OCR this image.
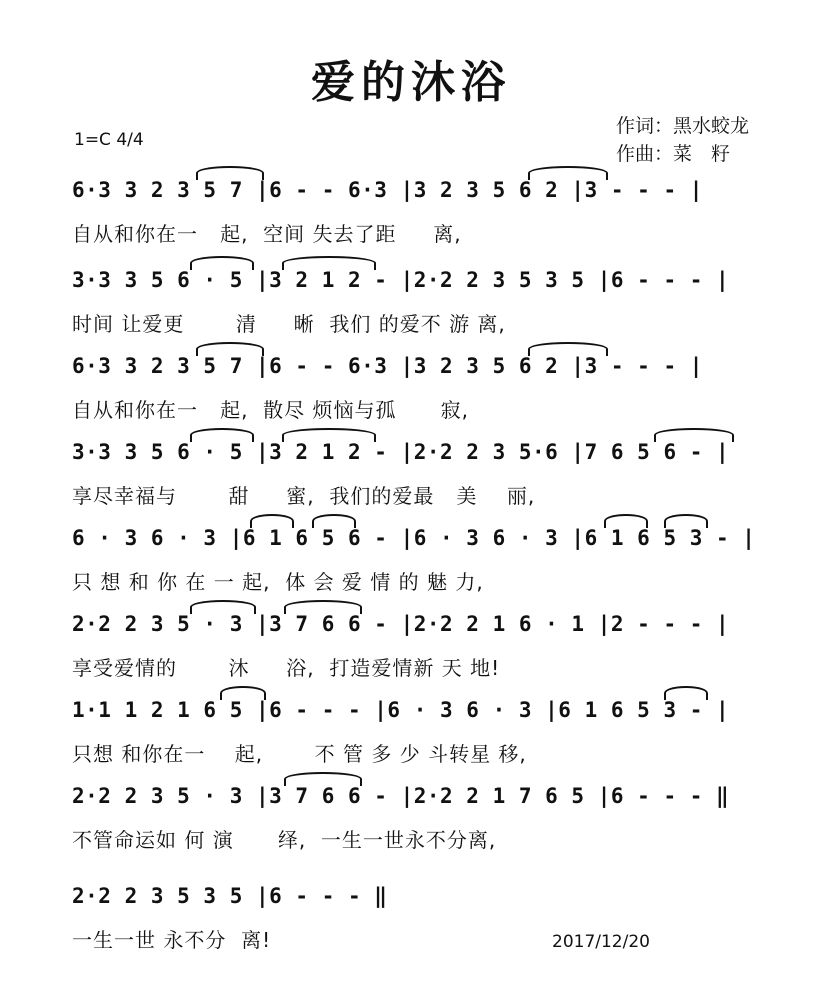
爱的沐浴
1=C 4/4
作词：黑水蛟龙
作曲：菜　籽
6·3 3 2 3 5 7 |6 - - 6·3 |3 2 3 5 6 2 |3 - - - |
自从和你在一   起,  空间 失去了距     离,
3·3 3 5 6 · 5 |3 2 1 2 - |2·2 2 3 5 3 5 |6 - - - |
时间 让爱更       清     晰  我们 的爱不 游 离,
6·3 3 2 3 5 7 |6 - - 6·3 |3 2 3 5 6 2 |3 - - - |
自从和你在一   起,  散尽 烦恼与孤      寂,
3·3 3 5 6 · 5 |3 2 1 2 - |2·2 2 3 5·6 |7 6 5 6 - |
享尽幸福与       甜     蜜,  我们的爱最   美    丽,
6 · 3 6 · 3 |6 1 6 5 6 - |6 · 3 6 · 3 |6 1 6 5 3 - |
只 想 和 你 在 一 起,  体 会 爱 情 的 魅 力,
2·2 2 3 5 · 3 |3 7 6 6 - |2·2 2 1 6 · 1 |2 - - - |
享受爱情的       沐     浴,  打造爱情新 天 地!
1·1 1 2 1 6 5 |6 - - - |6 · 3 6 · 3 |6 1 6 5 3 - |
只想 和你在一    起,       不 管 多 少 斗转星 移,
2·2 2 3 5 · 3 |3 7 6 6 - |2·2 2 1 7 6 5 |6 - - - ‖
不管命运如 何 演      绎,  一生一世永不分离,
2·2 2 3 5 3 5 |6 - - - ‖
一生一世 永不分  离!	2017/12/20
